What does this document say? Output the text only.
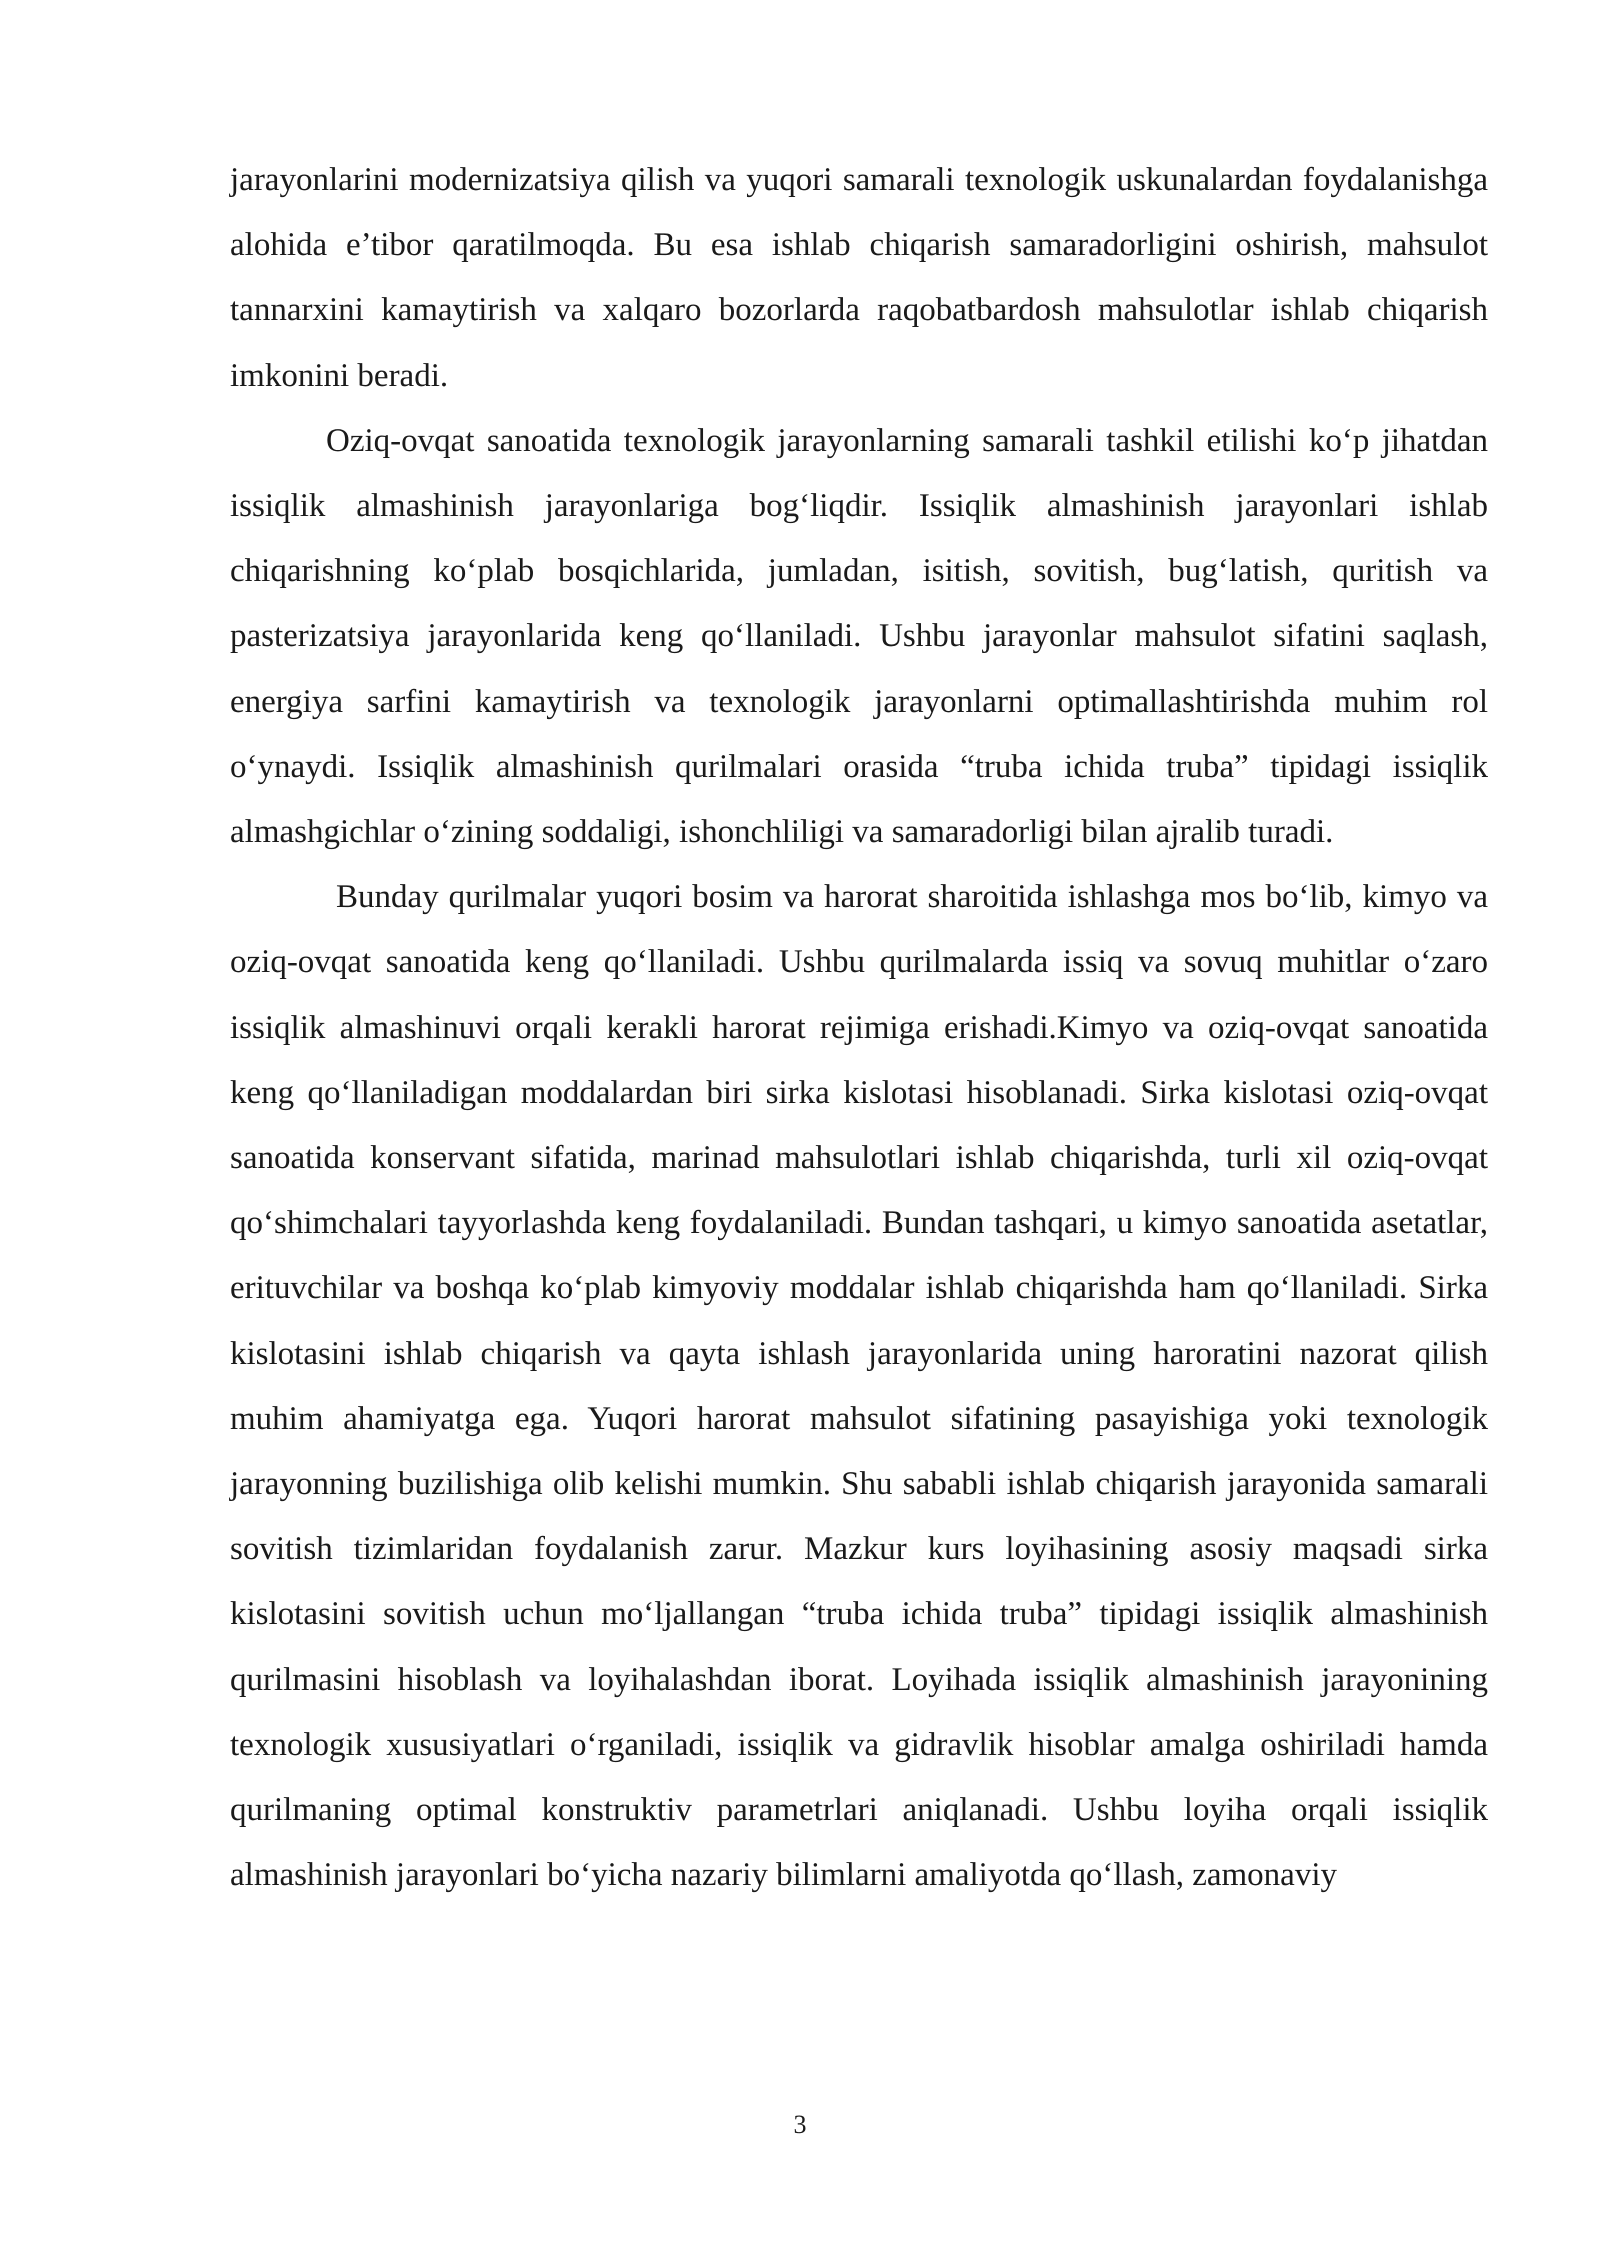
jarayonlarini modernizatsiya qilish va yuqori samarali texnologik uskunalardan foydalanishga alohida e’tibor qaratilmoqda. Bu esa ishlab chiqarish samaradorligini oshirish, mahsulot tannarxini kamaytirish va xalqaro bozorlarda raqobatbardosh mahsulotlar ishlab chiqarish imkonini beradi.

Oziq-ovqat sanoatida texnologik jarayonlarning samarali tashkil etilishi ko‘p jihatdan issiqlik almashinish jarayonlariga bog‘liqdir. Issiqlik almashinish jarayonlari ishlab chiqarishning ko‘plab bosqichlarida, jumladan, isitish, sovitish, bug‘latish, quritish va pasterizatsiya jarayonlarida keng qo‘llaniladi. Ushbu jarayonlar mahsulot sifatini saqlash, energiya sarfini kamaytirish va texnologik jarayonlarni optimallashtirishda muhim rol o‘ynaydi. Issiqlik almashinish qurilmalari orasida “truba ichida truba” tipidagi issiqlik almashgichlar o‘zining soddaligi, ishonchliligi va samaradorligi bilan ajralib turadi.

Bunday qurilmalar yuqori bosim va harorat sharoitida ishlashga mos bo‘lib, kimyo va oziq-ovqat sanoatida keng qo‘llaniladi. Ushbu qurilmalarda issiq va sovuq muhitlar o‘zaro issiqlik almashinuvi orqali kerakli harorat rejimiga erishadi.Kimyo va oziq-ovqat sanoatida keng qo‘llaniladigan moddalardan biri sirka kislotasi hisoblanadi. Sirka kislotasi oziq-ovqat sanoatida konservant sifatida, marinad mahsulotlari ishlab chiqarishda, turli xil oziq-ovqat qo‘shimchalari tayyorlashda keng foydalaniladi. Bundan tashqari, u kimyo sanoatida asetatlar, erituvchilar va boshqa ko‘plab kimyoviy moddalar ishlab chiqarishda ham qo‘llaniladi. Sirka kislotasini ishlab chiqarish va qayta ishlash jarayonlarida uning haroratini nazorat qilish muhim ahamiyatga ega. Yuqori harorat mahsulot sifatining pasayishiga yoki texnologik jarayonning buzilishiga olib kelishi mumkin. Shu sababli ishlab chiqarish jarayonida samarali sovitish tizimlaridan foydalanish zarur. Mazkur kurs loyihasining asosiy maqsadi sirka kislotasini sovitish uchun mo‘ljallangan “truba ichida truba” tipidagi issiqlik almashinish qurilmasini hisoblash va loyihalashdan iborat. Loyihada issiqlik almashinish jarayonining texnologik xususiyatlari o‘rganiladi, issiqlik va gidravlik hisoblar amalga oshiriladi hamda qurilmaning optimal konstruktiv parametrlari aniqlanadi. Ushbu loyiha orqali issiqlik almashinish jarayonlari bo‘yicha nazariy bilimlarni amaliyotda qo‘llash, zamonaviy

3
